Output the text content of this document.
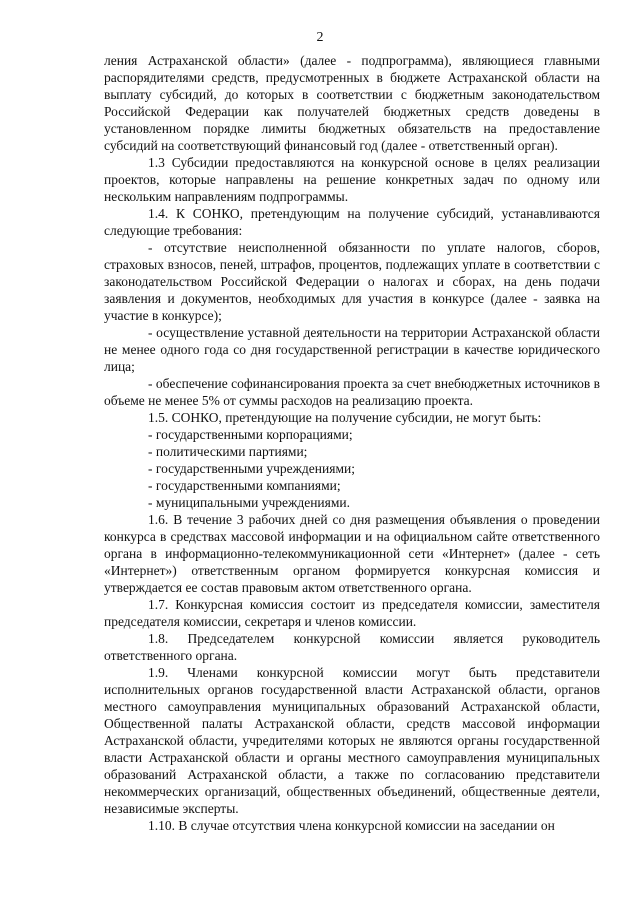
2

ления Астраханской области» (далее - подпрограмма), являющиеся главными распорядителями средств, предусмотренных в бюджете Астраханской области на выплату субсидий, до которых в соответствии с бюджетным законодательством Российской Федерации как получателей бюджетных средств доведены в установленном порядке лимиты бюджетных обязательств на предоставление субсидий на соответствующий финансовый год (далее - ответственный орган).

1.3 Субсидии предоставляются на конкурсной основе в целях реализации проектов, которые направлены на решение конкретных задач по одному или нескольким направлениям подпрограммы.

1.4. К СОНКО, претендующим на получение субсидий, устанавливаются следующие требования:

- отсутствие неисполненной обязанности по уплате налогов, сборов, страховых взносов, пеней, штрафов, процентов, подлежащих уплате в соответствии с законодательством Российской Федерации о налогах и сборах, на день подачи заявления и документов, необходимых для участия в конкурсе (далее - заявка на участие в конкурсе);

- осуществление уставной деятельности на территории Астраханской области не менее одного года со дня государственной регистрации в качестве юридического лица;

- обеспечение софинансирования проекта за счет внебюджетных источников в объеме не менее 5% от суммы расходов на реализацию проекта.

1.5. СОНКО, претендующие на получение субсидии, не могут быть:

- государственными корпорациями;

- политическими партиями;

- государственными учреждениями;

- государственными компаниями;

- муниципальными учреждениями.

1.6. В течение 3 рабочих дней со дня размещения объявления о проведении конкурса в средствах массовой информации и на официальном сайте ответственного органа в информационно-телекоммуникационной сети «Интернет» (далее - сеть «Интернет») ответственным органом формируется конкурсная комиссия и утверждается ее состав правовым актом ответственного органа.

1.7. Конкурсная комиссия состоит из председателя комиссии, заместителя председателя комиссии, секретаря и членов комиссии.

1.8. Председателем конкурсной комиссии является руководитель ответственного органа.

1.9. Членами конкурсной комиссии могут быть представители исполнительных органов государственной власти Астраханской области, органов местного самоуправления муниципальных образований Астраханской области, Общественной палаты Астраханской области, средств массовой информации Астраханской области, учредителями которых не являются органы государственной власти Астраханской области и органы местного самоуправления муниципальных образований Астраханской области, а также по согласованию представители некоммерческих организаций, общественных объединений, общественные деятели, независимые эксперты.

1.10. В случае отсутствия члена конкурсной комиссии на заседании он
